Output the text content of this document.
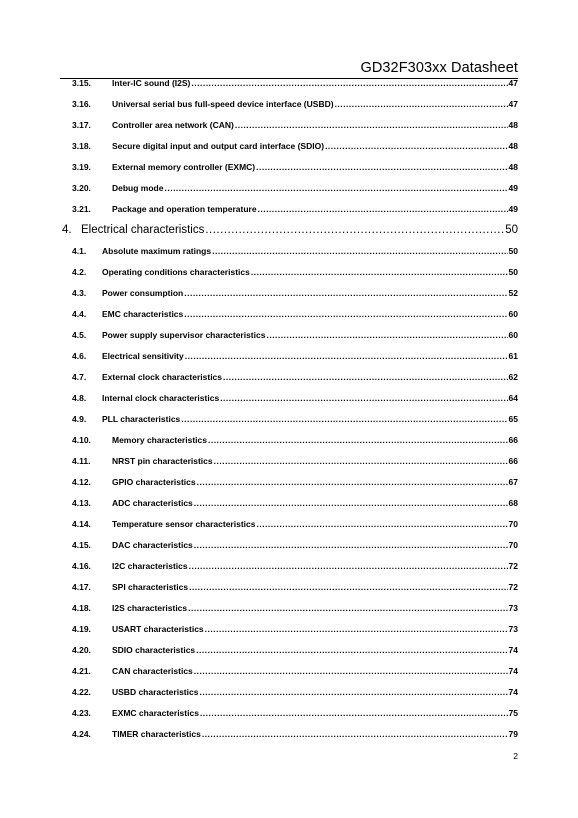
GD32F303xx Datasheet
3.15.	Inter-IC sound (I2S) .....	47
3.16.	Universal serial bus full-speed device interface (USBD) .....	47
3.17.	Controller area network (CAN) .....	48
3.18.	Secure digital input and output card interface (SDIO) .....	48
3.19.	External memory controller (EXMC) .....	48
3.20.	Debug mode .....	49
3.21.	Package and operation temperature .....	49
4. Electrical characteristics .....	50
4.1.	Absolute maximum ratings .....	50
4.2.	Operating conditions characteristics .....	50
4.3.	Power consumption .....	52
4.4.	EMC characteristics .....	60
4.5.	Power supply supervisor characteristics .....	60
4.6.	Electrical sensitivity .....	61
4.7.	External clock characteristics .....	62
4.8.	Internal clock characteristics .....	64
4.9.	PLL characteristics .....	65
4.10.	Memory characteristics .....	66
4.11.	NRST pin characteristics .....	66
4.12.	GPIO characteristics .....	67
4.13.	ADC characteristics .....	68
4.14.	Temperature sensor characteristics .....	70
4.15.	DAC characteristics .....	70
4.16.	I2C characteristics .....	72
4.17.	SPI characteristics .....	72
4.18.	I2S characteristics .....	73
4.19.	USART characteristics .....	73
4.20.	SDIO characteristics .....	74
4.21.	CAN characteristics .....	74
4.22.	USBD characteristics .....	74
4.23.	EXMC characteristics .....	75
4.24.	TIMER characteristics .....	79
2
